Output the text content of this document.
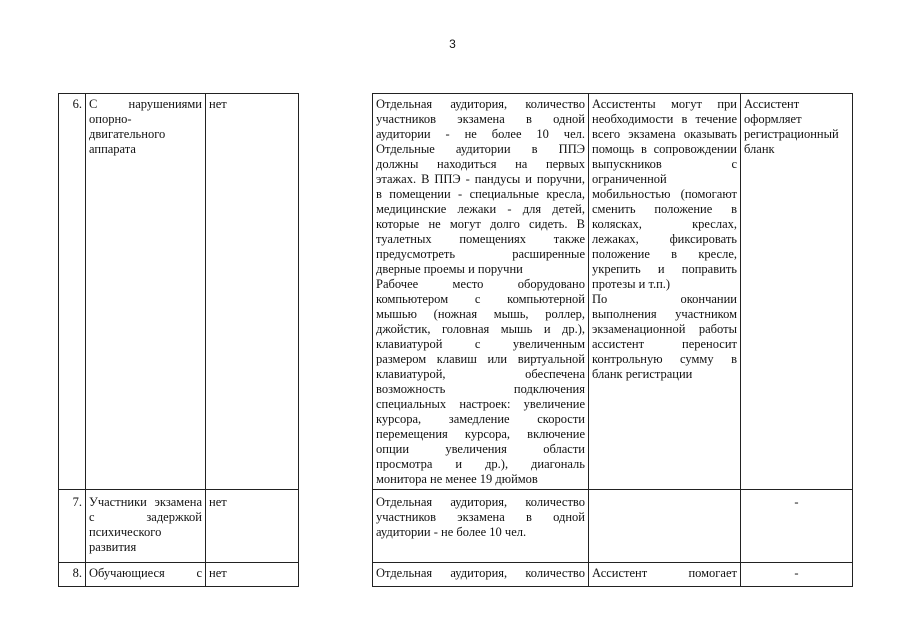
3
6. С нарушениями
опорно-
двигательного
аппарата
нет
7. Участники экзамена
с задержкой
психического
развития
нет
8. Обучающиеся с нет
Отдельная аудитория, количество
участников экзамена в одной
аудитории - не более 10 чел.
Отдельные аудитории в ППЭ
должны находиться на первых
этажах. В ППЭ - пандусы и поручни,
в помещении - специальные кресла,
медицинские лежаки - для детей,
которые не могут долго сидеть. В
туалетных помещениях также
предусмотреть расширенные
дверные проемы и поручни
Рабочее место оборудовано
компьютером с компьютерной
мышью (ножная мышь, роллер,
джойстик, головная мышь и др.),
клавиатурой с увеличенным
размером клавиш или виртуальной
клавиатурой, обеспечена
возможность подключения
специальных настроек: увеличение
курсора, замедление скорости
перемещения курсора, включение
опции увеличения области
просмотра и др.), диагональ
монитора не менее 19 дюймов
Ассистенты могут при
необходимости в течение
всего экзамена оказывать
помощь в сопровождении
выпускников с
ограниченной
мобильностью (помогают
сменить положение в
колясках, креслах,
лежаках, фиксировать
положение в кресле,
укрепить и поправить
протезы и т.п.)
По окончании
выполнения участником
экзаменационной работы
ассистент переносит
контрольную сумму в
бланк регистрации
Ассистент
оформляет
регистрационный
бланк
Отдельная аудитория, количество
участников экзамена в одной
аудитории - не более 10 чел.
-
Отдельная аудитория, количество Ассистент помогает	-
